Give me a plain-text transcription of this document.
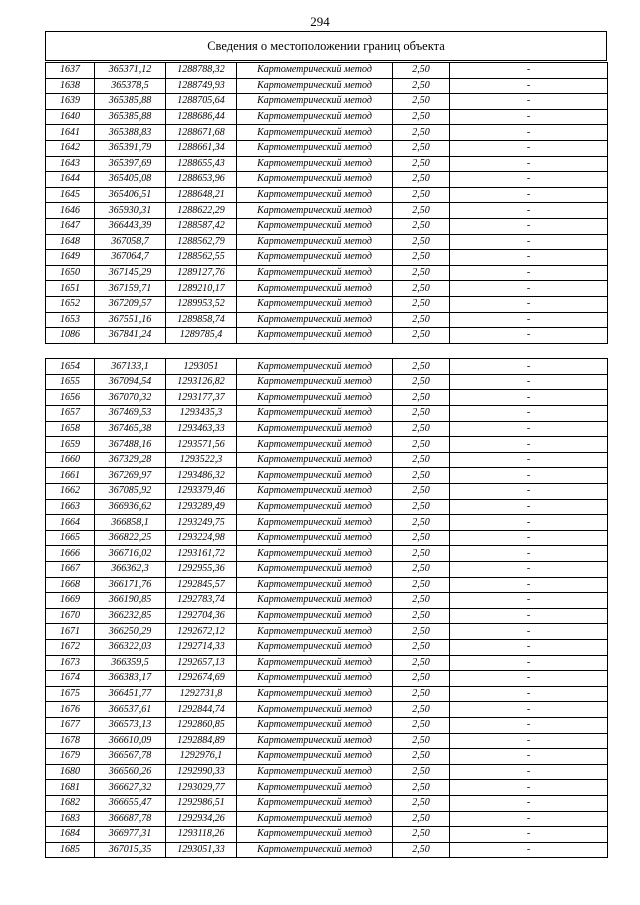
294
Сведения о местоположении границ объекта
1637	365371,12	1288788,32	Картометрический метод	2,50	-
1638	365378,5	1288749,93	Картометрический метод	2,50	-
1639	365385,88	1288705,64	Картометрический метод	2,50	-
1640	365385,88	1288686,44	Картометрический метод	2,50	-
1641	365388,83	1288671,68	Картометрический метод	2,50	-
1642	365391,79	1288661,34	Картометрический метод	2,50	-
1643	365397,69	1288655,43	Картометрический метод	2,50	-
1644	365405,08	1288653,96	Картометрический метод	2,50	-
1645	365406,51	1288648,21	Картометрический метод	2,50	-
1646	365930,31	1288622,29	Картометрический метод	2,50	-
1647	366443,39	1288587,42	Картометрический метод	2,50	-
1648	367058,7	1288562,79	Картометрический метод	2,50	-
1649	367064,7	1288562,55	Картометрический метод	2,50	-
1650	367145,29	1289127,76	Картометрический метод	2,50	-
1651	367159,71	1289210,17	Картометрический метод	2,50	-
1652	367209,57	1289953,52	Картометрический метод	2,50	-
1653	367551,16	1289858,74	Картометрический метод	2,50	-
1086	367841,24	1289785,4	Картометрический метод	2,50	-

1654	367133,1	1293051	Картометрический метод	2,50	-
1655	367094,54	1293126,82	Картометрический метод	2,50	-
1656	367070,32	1293177,37	Картометрический метод	2,50	-
1657	367469,53	1293435,3	Картометрический метод	2,50	-
1658	367465,38	1293463,33	Картометрический метод	2,50	-
1659	367488,16	1293571,56	Картометрический метод	2,50	-
1660	367329,28	1293522,3	Картометрический метод	2,50	-
1661	367269,97	1293486,32	Картометрический метод	2,50	-
1662	367085,92	1293379,46	Картометрический метод	2,50	-
1663	366936,62	1293289,49	Картометрический метод	2,50	-
1664	366858,1	1293249,75	Картометрический метод	2,50	-
1665	366822,25	1293224,98	Картометрический метод	2,50	-
1666	366716,02	1293161,72	Картометрический метод	2,50	-
1667	366362,3	1292955,36	Картометрический метод	2,50	-
1668	366171,76	1292845,57	Картометрический метод	2,50	-
1669	366190,85	1292783,74	Картометрический метод	2,50	-
1670	366232,85	1292704,36	Картометрический метод	2,50	-
1671	366250,29	1292672,12	Картометрический метод	2,50	-
1672	366322,03	1292714,33	Картометрический метод	2,50	-
1673	366359,5	1292657,13	Картометрический метод	2,50	-
1674	366383,17	1292674,69	Картометрический метод	2,50	-
1675	366451,77	1292731,8	Картометрический метод	2,50	-
1676	366537,61	1292844,74	Картометрический метод	2,50	-
1677	366573,13	1292860,85	Картометрический метод	2,50	-
1678	366610,09	1292884,89	Картометрический метод	2,50	-
1679	366567,78	1292976,1	Картометрический метод	2,50	-
1680	366560,26	1292990,33	Картометрический метод	2,50	-
1681	366627,32	1293029,77	Картометрический метод	2,50	-
1682	366655,47	1292986,51	Картометрический метод	2,50	-
1683	366687,78	1292934,26	Картометрический метод	2,50	-
1684	366977,31	1293118,26	Картометрический метод	2,50	-
1685	367015,35	1293051,33	Картометрический метод	2,50	-
